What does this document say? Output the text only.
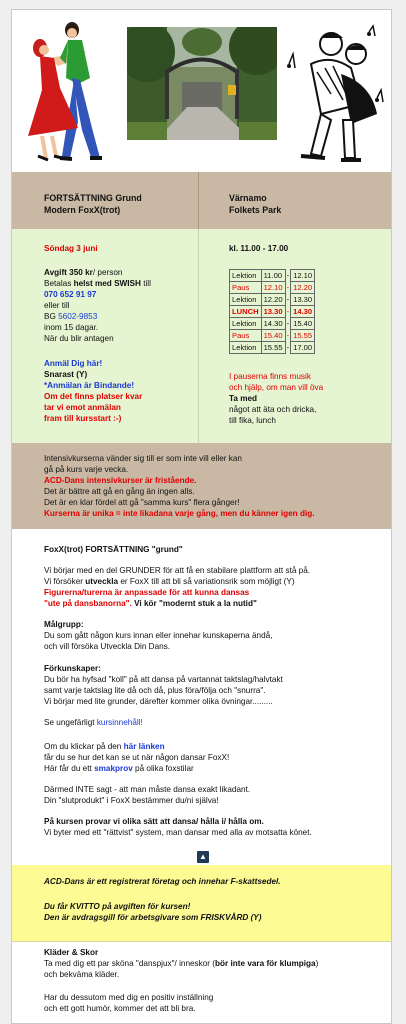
FORTSÄTTNING Grund
Modern FoxX(trot)
Värnamo
Folkets Park

Söndag 3 juni

Avgift 350 kr/ person

Betalas helst med SWISH till

070 652 91 97

eller till

BG 5602-9853

inom 15 dagar.

När du blir antagen

Anmäl Dig här!

Snarast (Y)

*Anmälan är Bindande!

Om det finns platser kvar

tar vi emot anmälan

fram till kursstart :-)

kl. 11.00 - 17.00

Lektion	11.00	-	12.10
Paus	12.10	-	12.20
Lektion	12.20	-	13.30
LUNCH	13.30	-	14.30
Lektion	14.30	-	15.40
Paus	15.40	-	15.55
Lektion	15.55	-	17.00

I pauserna finns musik

och hjälp, om man vill öva

Ta med

något att äta och dricka,

till fika, lunch

Intensivkurserna vänder sig till er som inte vill eller kan

gå på kurs varje vecka.

ACD-Dans intensivkurser är fristående.

Det är bättre att gå en gång än ingen alls.

Det är en klar fördel att gå "samma kurs" flera gånger!

Kurserna är unika = inte likadana varje gång, men du känner igen dig.

FoxX(trot) FORTSÄTTNING "grund"

Vi börjar med en del GRUNDER för att få en stabilare plattform att stå på.

Vi försöker utveckla er FoxX till att bli så variationsrik som möjligt (Y)

Figurerna/turerna är anpassade för att kunna dansas

"ute på dansbanorna". Vi kör "modernt stuk a la nutid"

Målgrupp:

Du som gått någon kurs innan eller innehar kunskaperna ändå,

och vill försöka Utveckla Din Dans.

Förkunskaper:

Du bör ha hyfsad "koll" på att dansa på vartannat taktslag/halvtakt

samt varje taktslag lite då och då, plus föra/följa och "snurra".

Vi börjar med lite grunder, därefter kommer olika övningar.........

Se ungefärligt kursinnehåll!

Om du klickar på den här länken

får du se hur det kan se ut när någon dansar FoxX!

Här får du ett smakprov på olika foxstilar

Därmed INTE sagt - att man måste dansa exakt likadant.

Din "slutprodukt" i FoxX bestämmer du/ni själva!

På kursen provar vi olika sätt att dansa/ hålla i/ hålla om.

Vi byter med ett "rättvist" system, man dansar med alla av motsatta könet.

▲

ACD-Dans är ett registrerat företag och innehar F-skattsedel.

Du får KVITTO på avgiften för kursen!

Den är avdragsgill för arbetsgivare som FRISKVÅRD (Y)

Kläder & Skor

Ta med dig ett par sköna "danspjux"/ inneskor (bör inte vara för klumpiga)

och bekväma kläder.

Har du dessutom med dig en positiv inställning

och ett gott humör, kommer det att bli bra.
